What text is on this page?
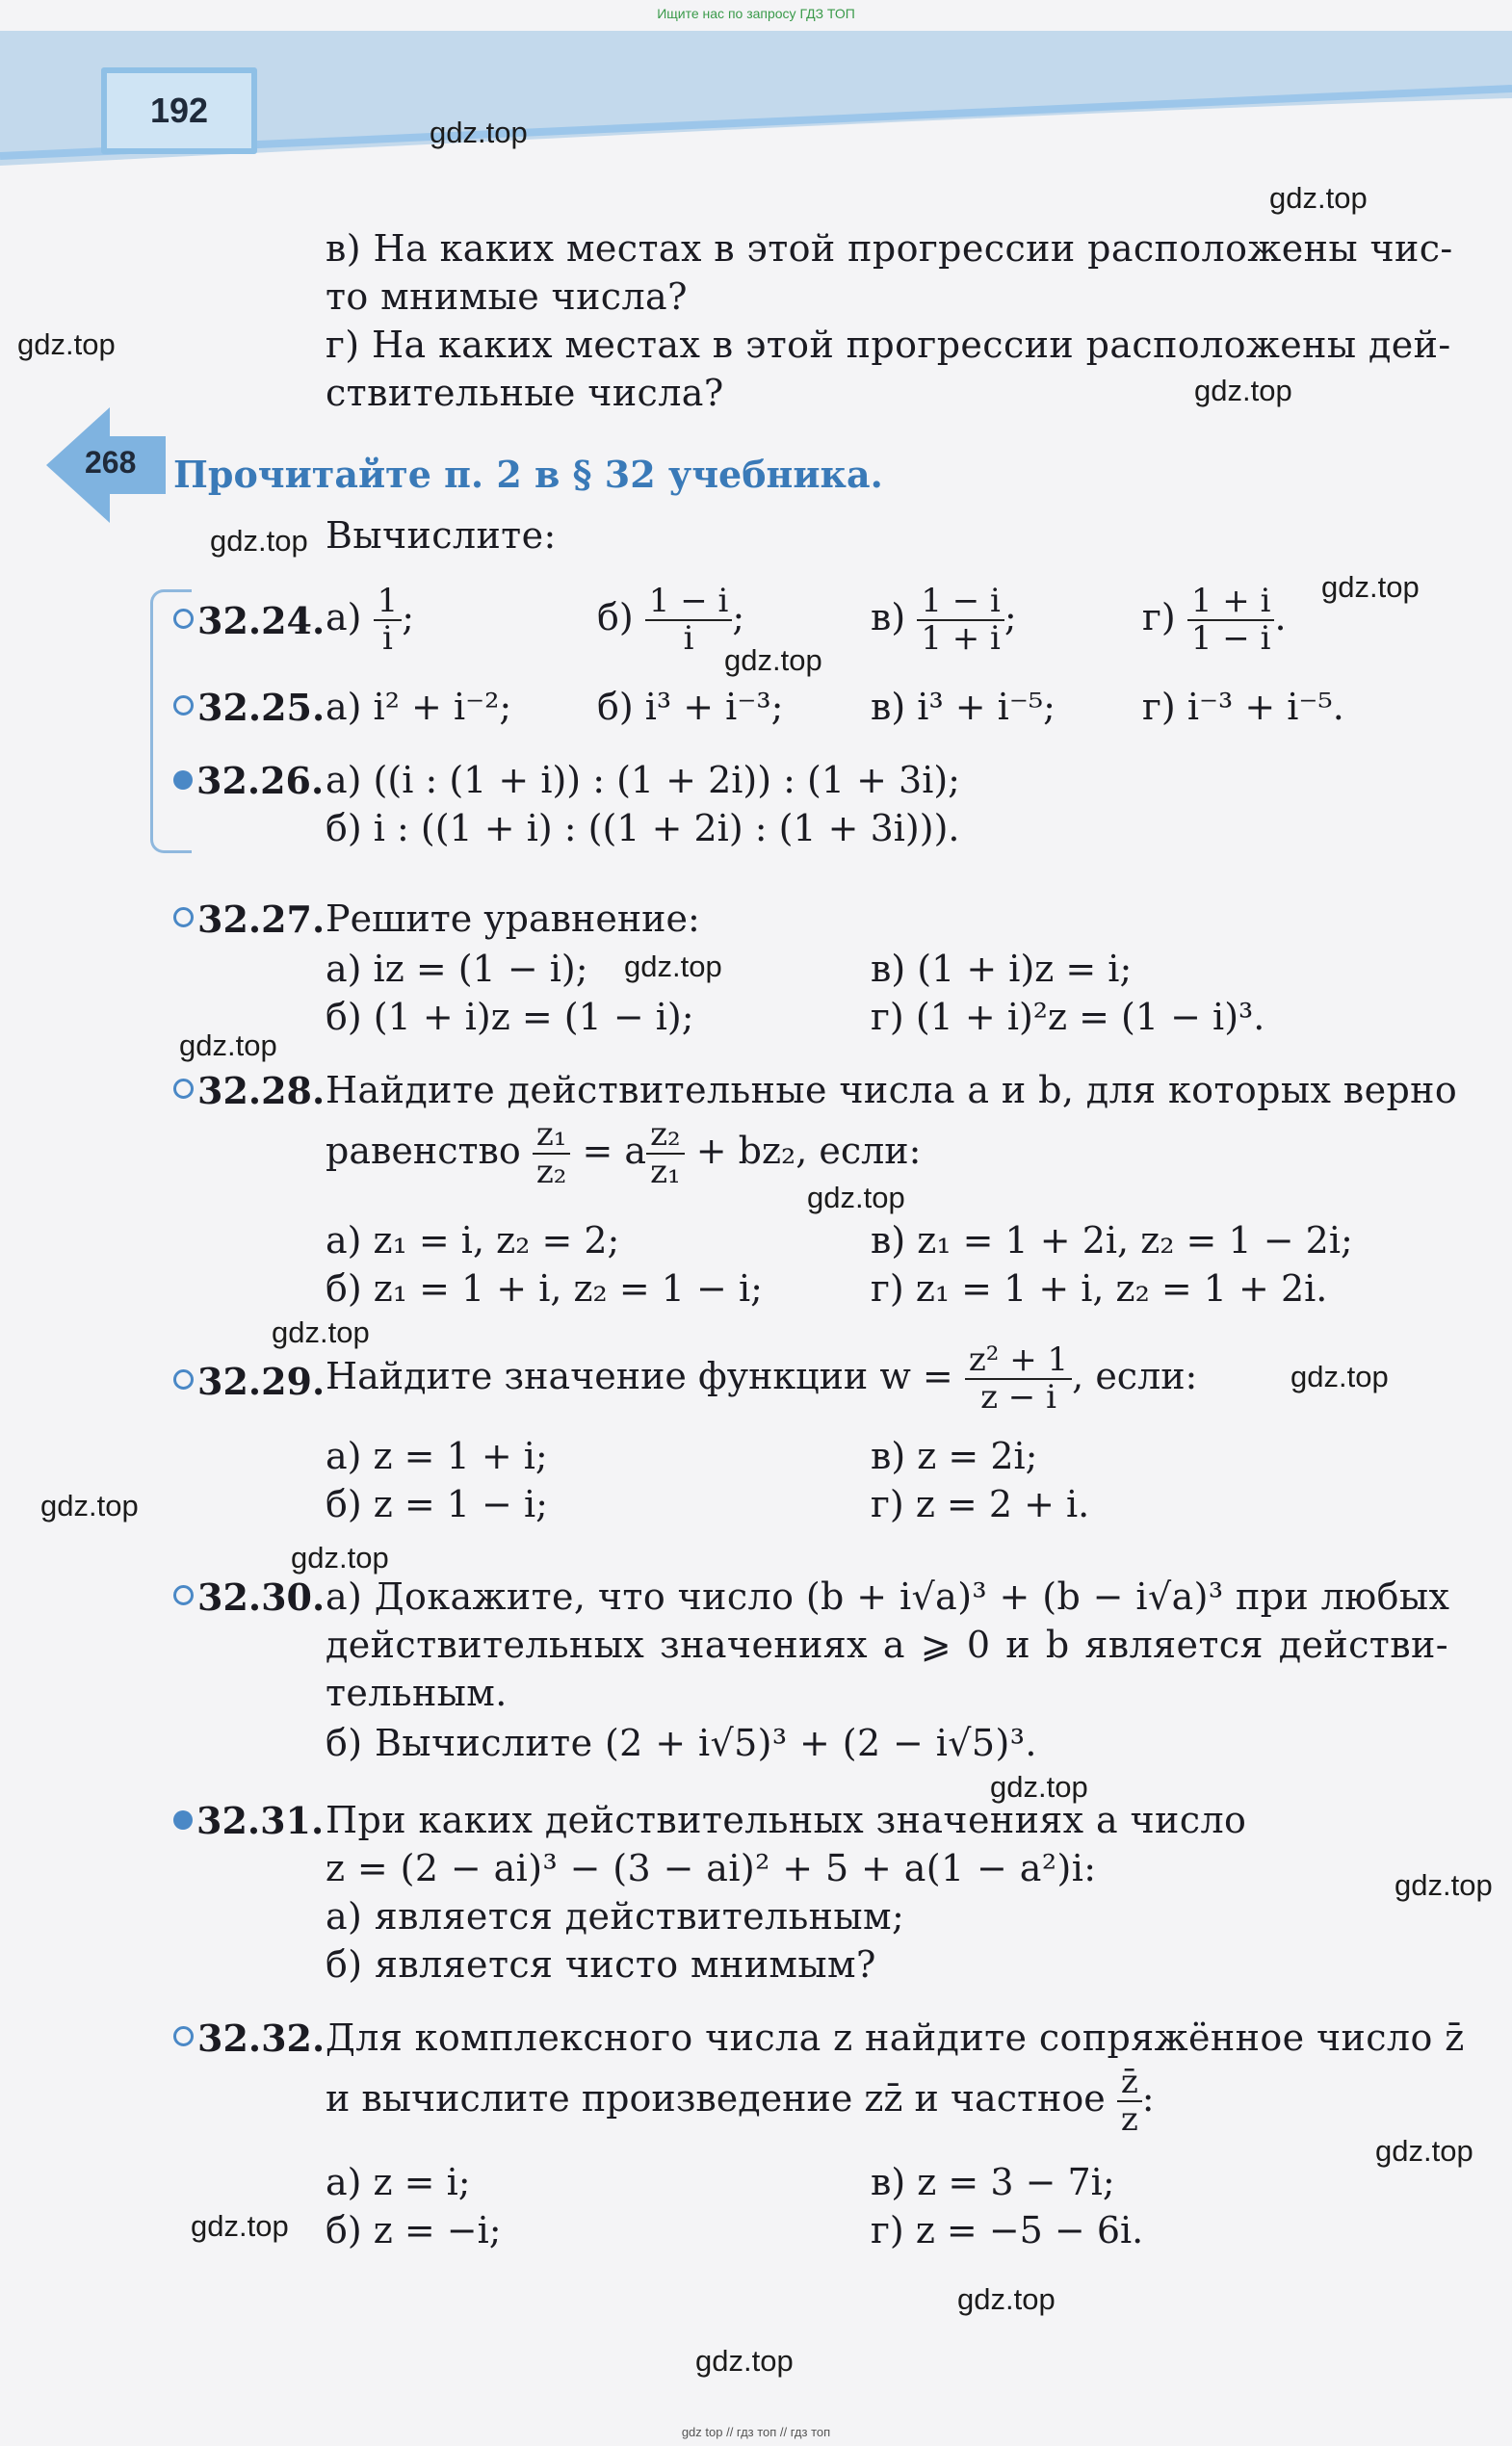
Ищите нас по запросу ГДЗ ТОП
192
gdz.top
gdz.top
gdz.top
gdz.top
gdz.top
gdz.top
gdz.top
gdz.top
gdz.top
gdz.top
gdz.top
gdz.top
gdz.top
gdz.top
gdz.top
gdz.top
gdz.top
gdz.top
gdz.top
gdz.top
в) На каких местах в этой прогрессии расположены чис-
то мнимые числа?
г) На каких местах в этой прогрессии расположены дей-
ствительные числа?
268 Прочитайте п. 2 в § 32 учебника.
Вычислите:
32.24. $а) \frac{1}{i}$ ;	$б) \frac{1 - i}{i}$ ;	$в) \frac{1 - i}{1 + i}$ ;	$г) \frac{1 + i}{1 - i}$ .
32.25. а) i² + i⁻²; б) i³ + i⁻³; в) i³ + i⁻⁵; г) i⁻³ + i⁻⁵.
32.26. а) ((i : (1 + i)) : (1 + 2i)) : (1 + 3i);
б) i : ((1 + i) : ((1 + 2i) : (1 + 3i))).
32.27. Решите уравнение:
а) iz = (1 − i);	в) (1 + i)z = i;
б) (1 + i)z = (1 − i);	г) (1 + i)²z = (1 − i)³.
32.28. Найдите действительные числа a и b, для которых верно
равенство $\frac{\text{z₁}}{\text{z₂}} = a \frac{\text{z₂}}{\text{z₁}} + bz_2$, если:
а) z₁ = i, z₂ = 2;	в) z₁ = 1 + 2i, z₂ = 1 − 2i;
б) z₁ = 1 + i, z₂ = 1 − i;	г) z₁ = 1 + i, z₂ = 1 + 2i.
32.29. Найдите значение функции $w = \frac{\text{z² + 1}}{z - i}$ , если:
а) z = 1 + i;	в) z = 2i;
б) z = 1 − i;	г) z = 2 + i.
32.30. а) Докажите, что число (b + i√a)³ + (b − i√a)³ при любых
действительных значениях a ⩾ 0 и b является действи-
тельным.
б) Вычислите (2 + i√5)³ + (2 − i√5)³.
32.31. При каких действительных значениях a число
z = (2 − ai)³ − (3 − ai)² + 5 + a(1 − a²)i:
а) является действительным;
б) является чисто мнимым?
32.32. Для комплексного числа z найдите сопряжённое число z̄
и вычислите произведение zz̄ и частное $\frac{z̄}{z}$ :
а) z = i;	в) z = 3 − 7i;
б) z = −i;	г) z = −5 − 6i.
gdz top // гдз топ // гдз топ
